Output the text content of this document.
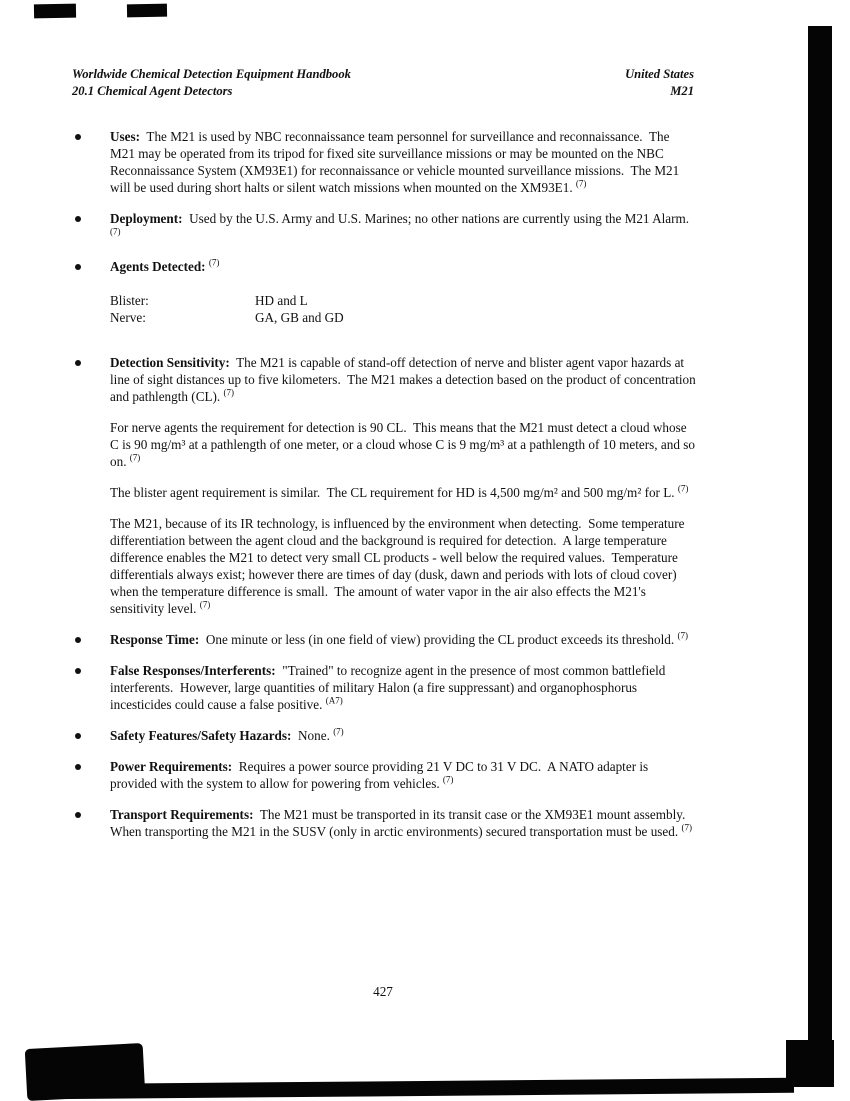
Worldwide Chemical Detection Equipment Handbook
20.1 Chemical Agent Detectors
United States
M21

Uses:  The M21 is used by NBC reconnaissance team personnel for surveillance and reconnaissance.  The M21 may be operated from its tripod for fixed site surveillance missions or may be mounted on the NBC Reconnaissance System (XM93E1) for reconnaissance or vehicle mounted surveillance missions.  The M21 will be used during short halts or silent watch missions when mounted on the XM93E1. $^{(7)}$

Deployment:  Used by the U.S. Army and U.S. Marines; no other nations are currently using the M21 Alarm. $^{(7)}$

Agents Detected: $^{(7)}$

Blister:	HD and L
Nerve:	GA, GB and GD

Detection Sensitivity:  The M21 is capable of stand-off detection of nerve and blister agent vapor hazards at line of sight distances up to five kilometers.  The M21 makes a detection based on the product of concentration and pathlength (CL). $^{(7)}$

For nerve agents the requirement for detection is 90 CL.  This means that the M21 must detect a cloud whose C is 90 mg/m³ at a pathlength of one meter, or a cloud whose C is 9 mg/m³ at a pathlength of 10 meters, and so on. $^{(7)}$

The blister agent requirement is similar.  The CL requirement for HD is 4,500 mg/m² and 500 mg/m² for L. $^{(7)}$

The M21, because of its IR technology, is influenced by the environment when detecting.  Some temperature differentiation between the agent cloud and the background is required for detection.  A large temperature difference enables the M21 to detect very small CL products - well below the required values.  Temperature differentials always exist; however there are times of day (dusk, dawn and periods with lots of cloud cover) when the temperature difference is small.  The amount of water vapor in the air also effects the M21's sensitivity level. $^{(7)}$

Response Time:  One minute or less (in one field of view) providing the CL product exceeds its threshold. $^{(7)}$

False Responses/Interferents:  "Trained" to recognize agent in the presence of most common battlefield interferents.  However, large quantities of military Halon (a fire suppressant) and organophosphorus incesticides could cause a false positive. $^{(A7)}$

Safety Features/Safety Hazards:  None. $^{(7)}$

Power Requirements:  Requires a power source providing 21 V DC to 31 V DC.  A NATO adapter is provided with the system to allow for powering from vehicles. $^{(7)}$

Transport Requirements:  The M21 must be transported in its transit case or the XM93E1 mount assembly.  When transporting the M21 in the SUSV (only in arctic environments) secured transportation must be used. $^{(7)}$

427
